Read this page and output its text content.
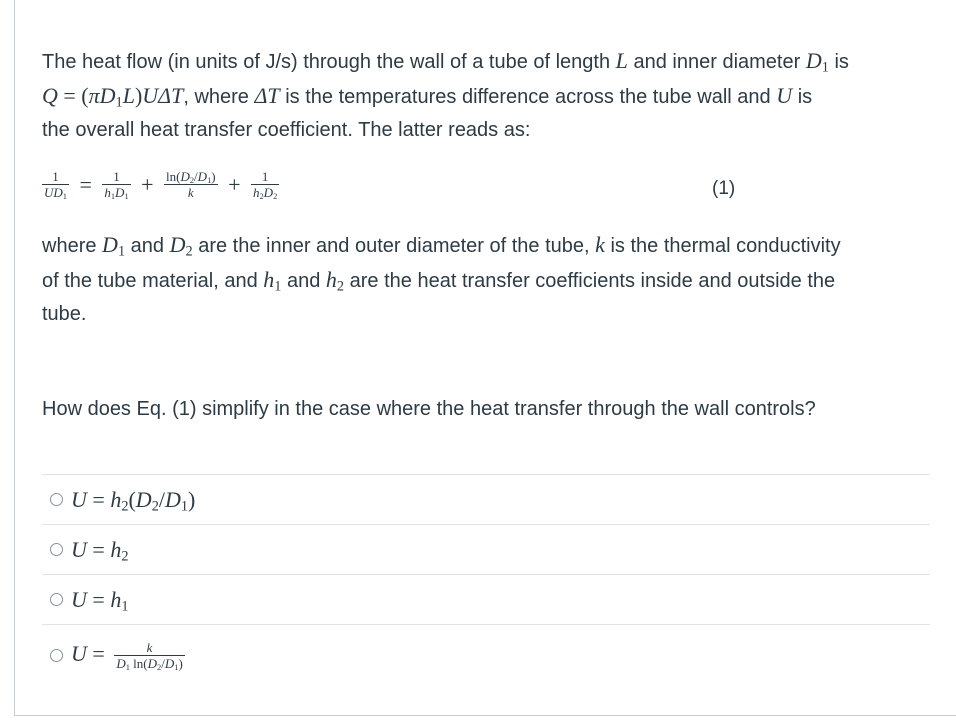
The heat flow (in units of J/s) through the wall of a tube of length L and inner diameter $D_1$ is
$Q = (\pi D_1L)U\Delta T$, where ΔT is the temperatures difference across the tube wall and U is
the overall heat transfer coefficient. The latter reads as:

$\frac{1}{UD_1} = \frac{1}{h_1D_1} + \frac{\ln(D_2/D_1)}{k} + \frac{1}{h_2D_2}$	(1)

where $D_1$ and $D_2$ are the inner and outer diameter of the tube, k is the thermal conductivity
of the tube material, and $h_1$ and $h_2$ are the heat transfer coefficients inside and outside the
tube.

How does Eq. (1) simplify in the case where the heat transfer through the wall controls?
$U = h_2(D_2/D_1)$
$U = h_2$
$U = h_1$
$U = \frac{k}{D_1 \ln(D_2/D_1)}$
